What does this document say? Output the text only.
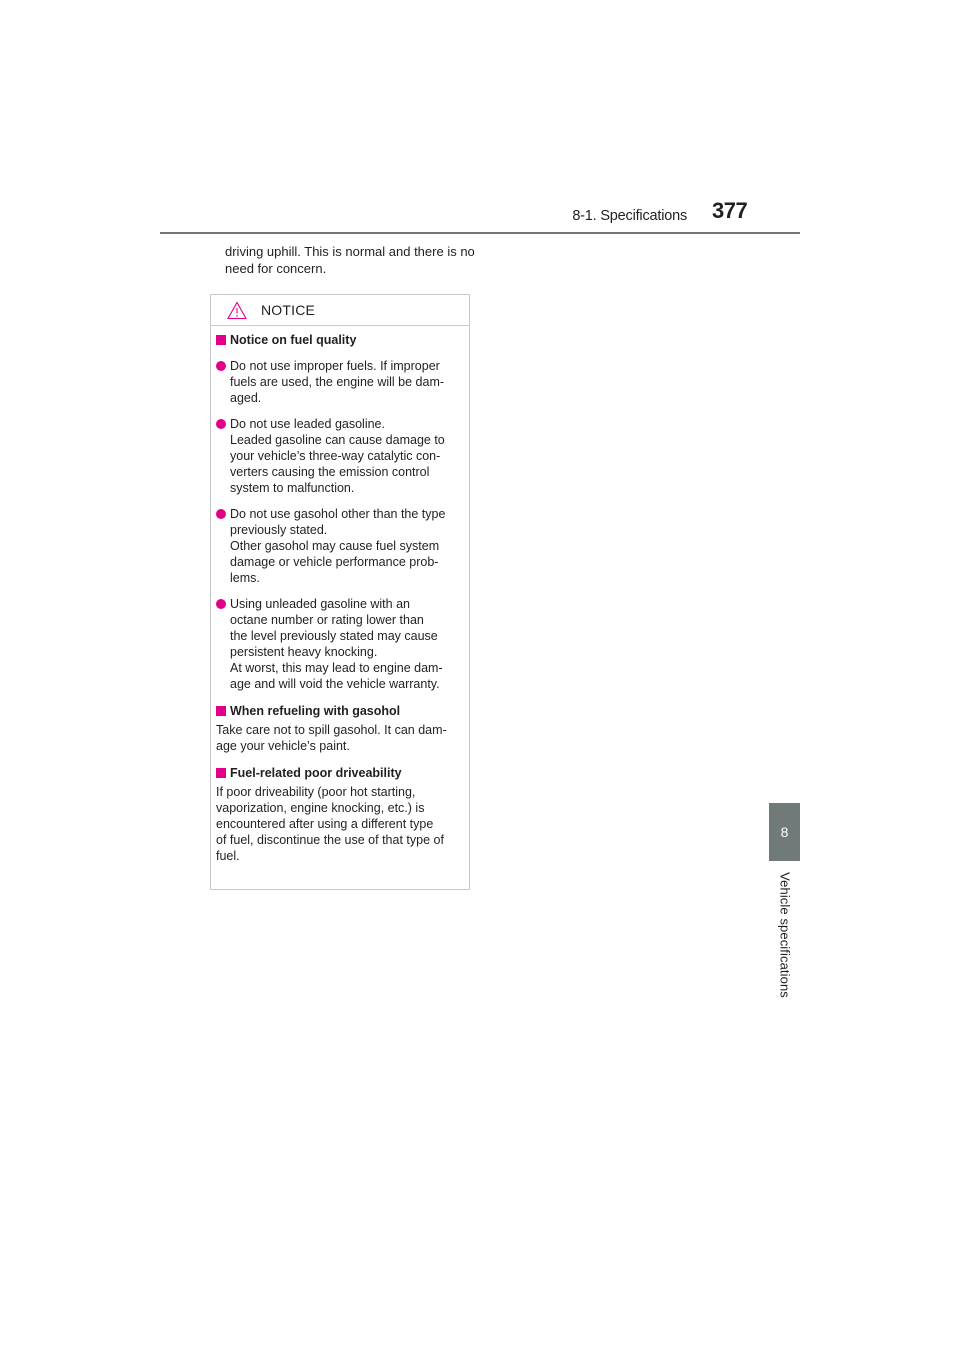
8-1. Specifications 377
8
Vehicle specifications

driving uphill. This is normal and there is no need for concern.

NOTICE
Notice on fuel quality
Do not use improper fuels. If improper
fuels are used, the engine will be dam-
aged.
Do not use leaded gasoline.
Leaded gasoline can cause damage to
your vehicle’s three-way catalytic con-
verters causing the emission control
system to malfunction.
Do not use gasohol other than the type
previously stated.
Other gasohol may cause fuel system
damage or vehicle performance prob-
lems.
Using unleaded gasoline with an
octane number or rating lower than
the level previously stated may cause
persistent heavy knocking.
At worst, this may lead to engine dam-
age and will void the vehicle warranty.
When refueling with gasohol

Take care not to spill gasohol. It can dam-
age your vehicle’s paint.

Fuel-related poor driveability

If poor driveability (poor hot starting,
vaporization, engine knocking, etc.) is
encountered after using a different type
of fuel, discontinue the use of that type of
fuel.
